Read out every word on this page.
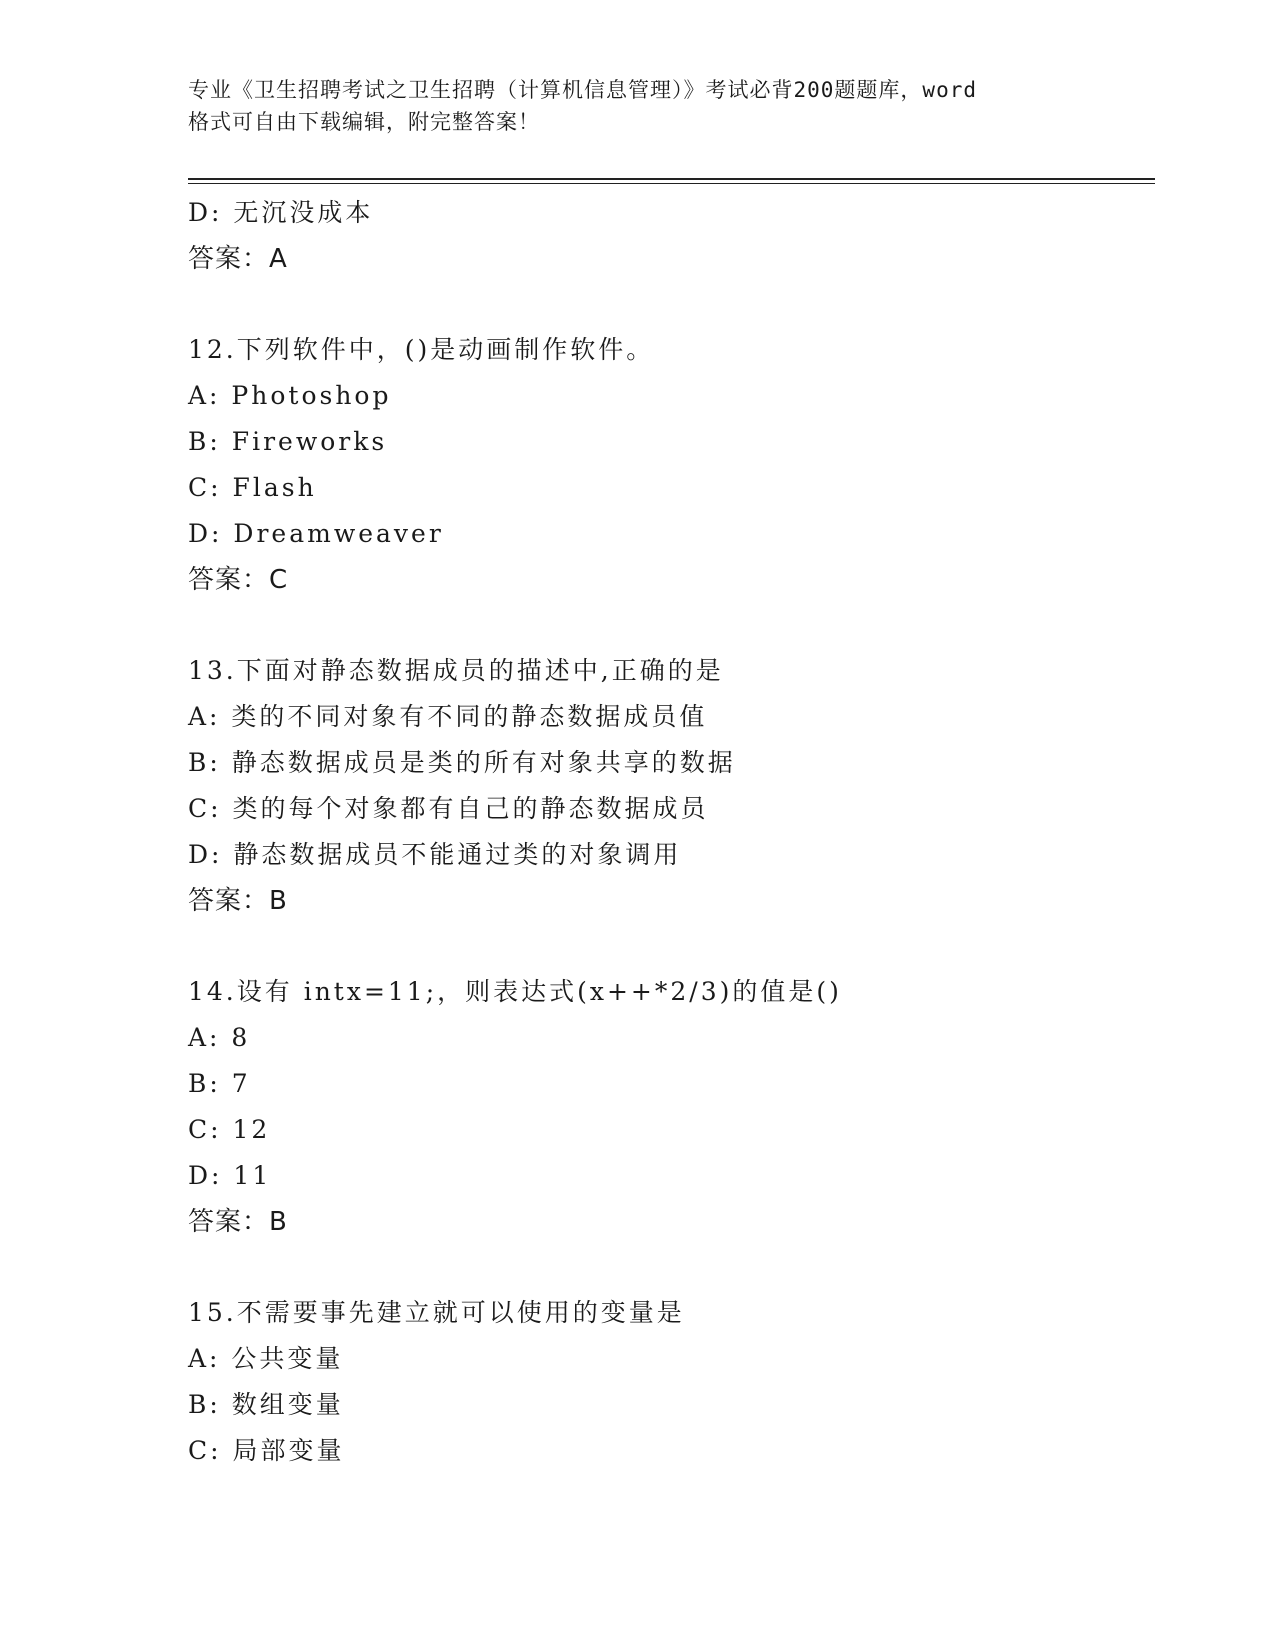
专业《卫生招聘考试之卫生招聘（计算机信息管理）》考试必背200题题库，word
格式可自由下载编辑，附完整答案！
D: 无沉没成本
答案：A
12.下列软件中，()是动画制作软件。
A: Photoshop
B: Fireworks
C: Flash
D: Dreamweaver
答案：C
13.下面对静态数据成员的描述中,正确的是
A: 类的不同对象有不同的静态数据成员值
B: 静态数据成员是类的所有对象共享的数据
C: 类的每个对象都有自己的静态数据成员
D: 静态数据成员不能通过类的对象调用
答案：B
14.设有 intx=11;，则表达式(x++*2/3)的值是()
A: 8
B: 7
C: 12
D: 11
答案：B
15.不需要事先建立就可以使用的变量是
A: 公共变量
B: 数组变量
C: 局部变量
